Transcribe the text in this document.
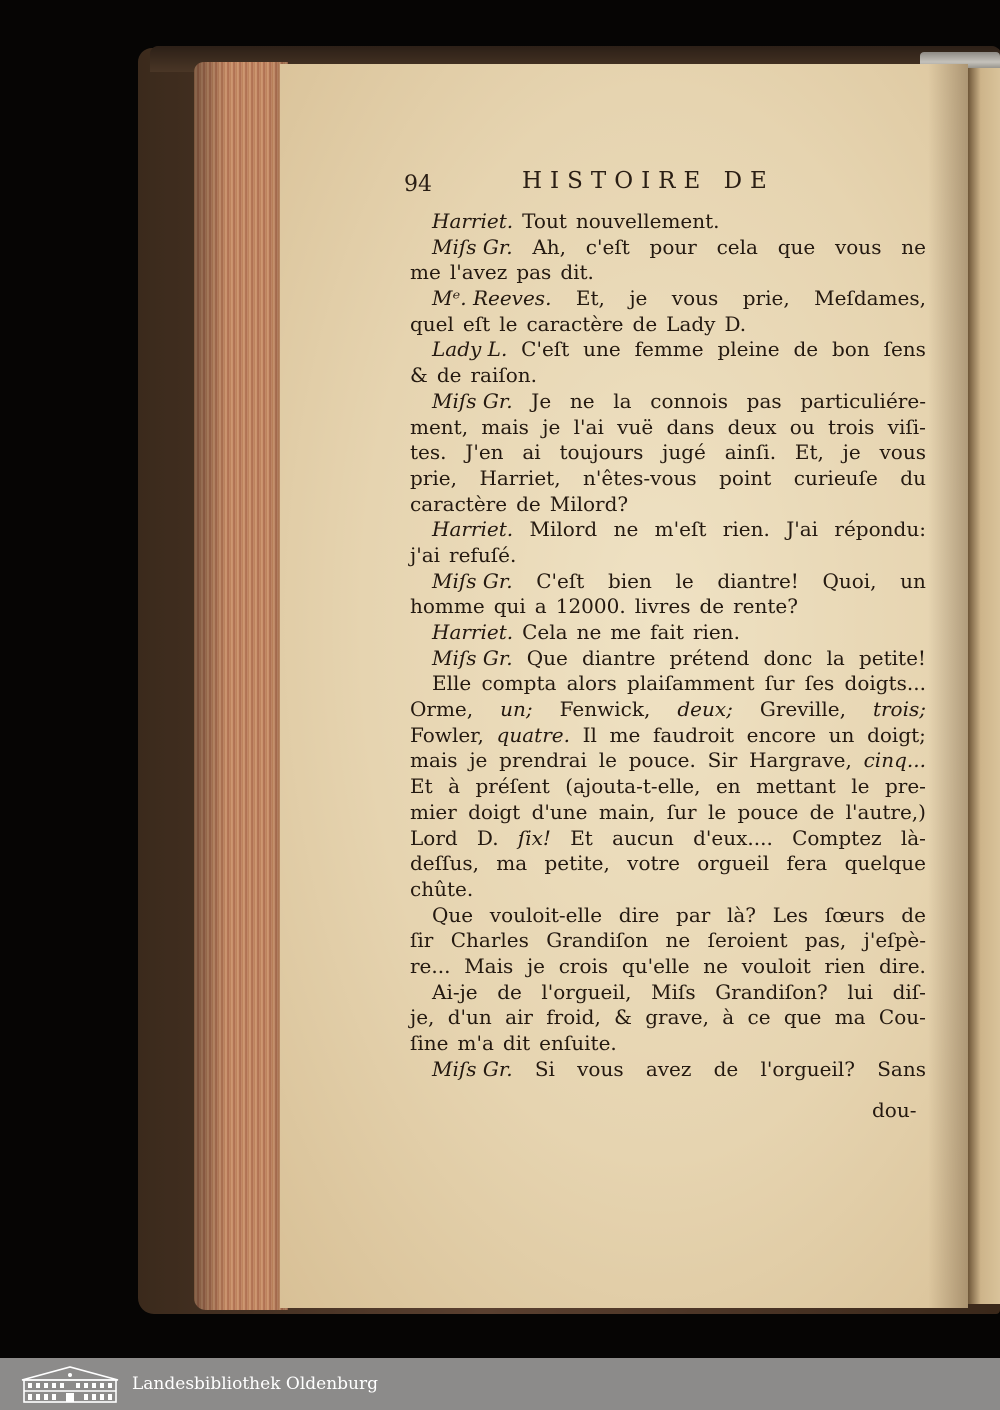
94	HISTOIRE DE
Harriet. Tout nouvellement.
Miſs Gr. Ah, c'eſt pour cela que vous ne
me l'avez pas dit.
Mᵉ. Reeves. Et, je vous prie, Meſdames,
quel eſt le caractère de Lady D.
Lady L. C'eſt une femme pleine de bon ſens
& de raiſon.
Miſs Gr. Je ne la connois pas particuliére-
ment, mais je l'ai vuë dans deux ou trois viſi-
tes. J'en ai toujours jugé ainſi. Et, je vous
prie, Harriet, n'êtes-vous point curieuſe du
caractère de Milord?
Harriet. Milord ne m'eſt rien. J'ai répondu:
j'ai refuſé.
Miſs Gr. C'eſt bien le diantre! Quoi, un
homme qui a 12000. livres de rente?
Harriet. Cela ne me fait rien.
Miſs Gr. Que diantre prétend donc la petite!
Elle compta alors plaiſamment ſur ſes doigts...
Orme, un; Fenwick, deux; Greville, trois;
Fowler, quatre. Il me faudroit encore un doigt;
mais je prendrai le pouce. Sir Hargrave, cinq...
Et à préſent (ajouta-t-elle, en mettant le pre-
mier doigt d'une main, ſur le pouce de l'autre,)
Lord D. ſix! Et aucun d'eux.... Comptez là-
deſſus, ma petite, votre orgueil fera quelque
chûte.
Que vouloit-elle dire par là? Les ſœurs de
ſir Charles Grandiſon ne ſeroient pas, j'eſpè-
re... Mais je crois qu'elle ne vouloit rien dire.
Ai-je de l'orgueil, Miſs Grandiſon? lui diſ-
je, d'un air froid, & grave, à ce que ma Cou-
ſine m'a dit enſuite.
Miſs Gr. Si vous avez de l'orgueil? Sans
dou-
Landesbibliothek Oldenburg
